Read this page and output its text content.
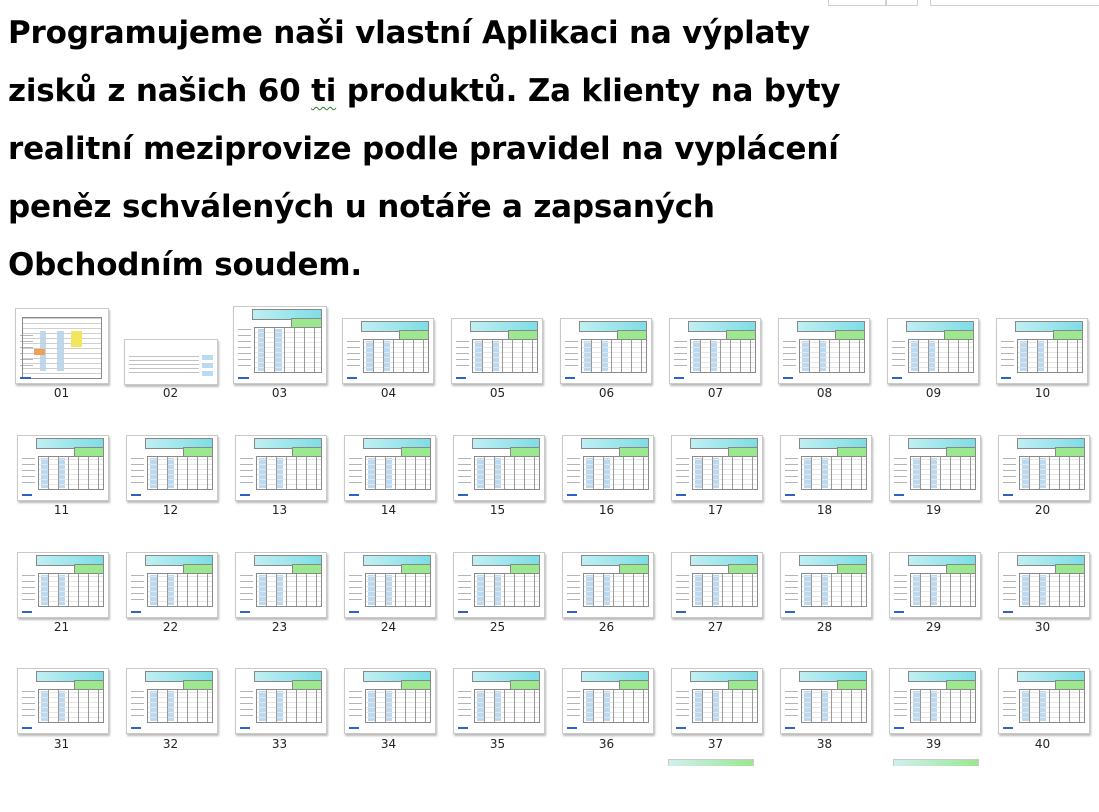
Programujeme naši vlastní Aplikaci na výplaty
zisků z našich 60 ti produktů. Za klienty na byty
realitní meziprovize podle pravidel na vyplácení
peněz schválených u notáře a zapsaných
Obchodním soudem.
01	02	03	04	05	06	07	08	09	10
11	12	13	14	15	16	17	18	19	20
21	22	23	24	25	26	27	28	29	30
31	32	33	34	35	36	37	38	39	40
